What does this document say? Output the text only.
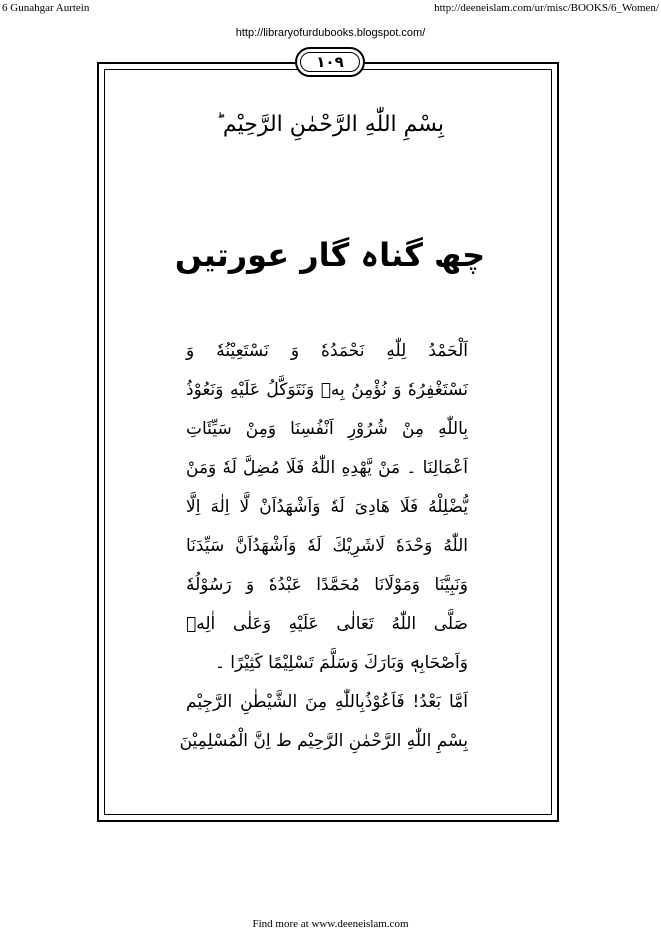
6 Gunahgar Aurtein	http://deeneislam.com/ur/misc/BOOKS/6_Women/
http://libraryofurdubooks.blogspot.com/
١٠٩
بِسْمِ اللّٰهِ الرَّحْمٰنِ الرَّحِيْم ؕ
چھ گناہ گار عورتیں
اَلْحَمْدُ لِلّٰهِ نَحْمَدُهٗ وَ نَسْتَعِيْنُهٗ وَ
نَسْتَغْفِرُهٗ وَ نُؤْمِنُ بِهٖ وَنَتَوَكَّلُ عَلَيْهِ وَنَعُوْذُ
بِاللّٰهِ مِنْ شُرُوْرِ اَنْفُسِنَا وَمِنْ سَيِّئَاتِ
اَعْمَالِنَا ۔ مَنْ يَّهْدِهِ اللّٰهُ فَلَا مُضِلَّ لَهٗ وَمَنْ
يُّضْلِلْهُ فَلَا هَادِىَ لَهٗ وَاَشْهَدُاَنْ لَّا اِلٰهَ اِلَّا
اللّٰهُ وَحْدَهٗ لَاشَرِيْكَ لَهٗ وَاَشْهَدُاَنَّ سَيِّدَنَا
وَنَبِيَّنَا وَمَوْلَانَا مُحَمَّدًا عَبْدُهٗ وَ رَسُوْلُهٗ
صَلَّى اللّٰهُ تَعَالٰى عَلَيْهِ وَعَلٰى اٰلِهٖ
وَاَصْحَابِهٖ وَبَارَكَ وَسَلَّمَ تَسْلِيْمًا كَثِيْرًا ۔
اَمَّا بَعْدُ! فَاَعُوْذُبِاللّٰهِ مِنَ الشَّيْطٰنِ الرَّجِيْم
بِسْمِ اللّٰهِ الرَّحْمٰنِ الرَّحِيْم ط اِنَّ الْمُسْلِمِيْنَ
Find more at www.deeneislam.com
